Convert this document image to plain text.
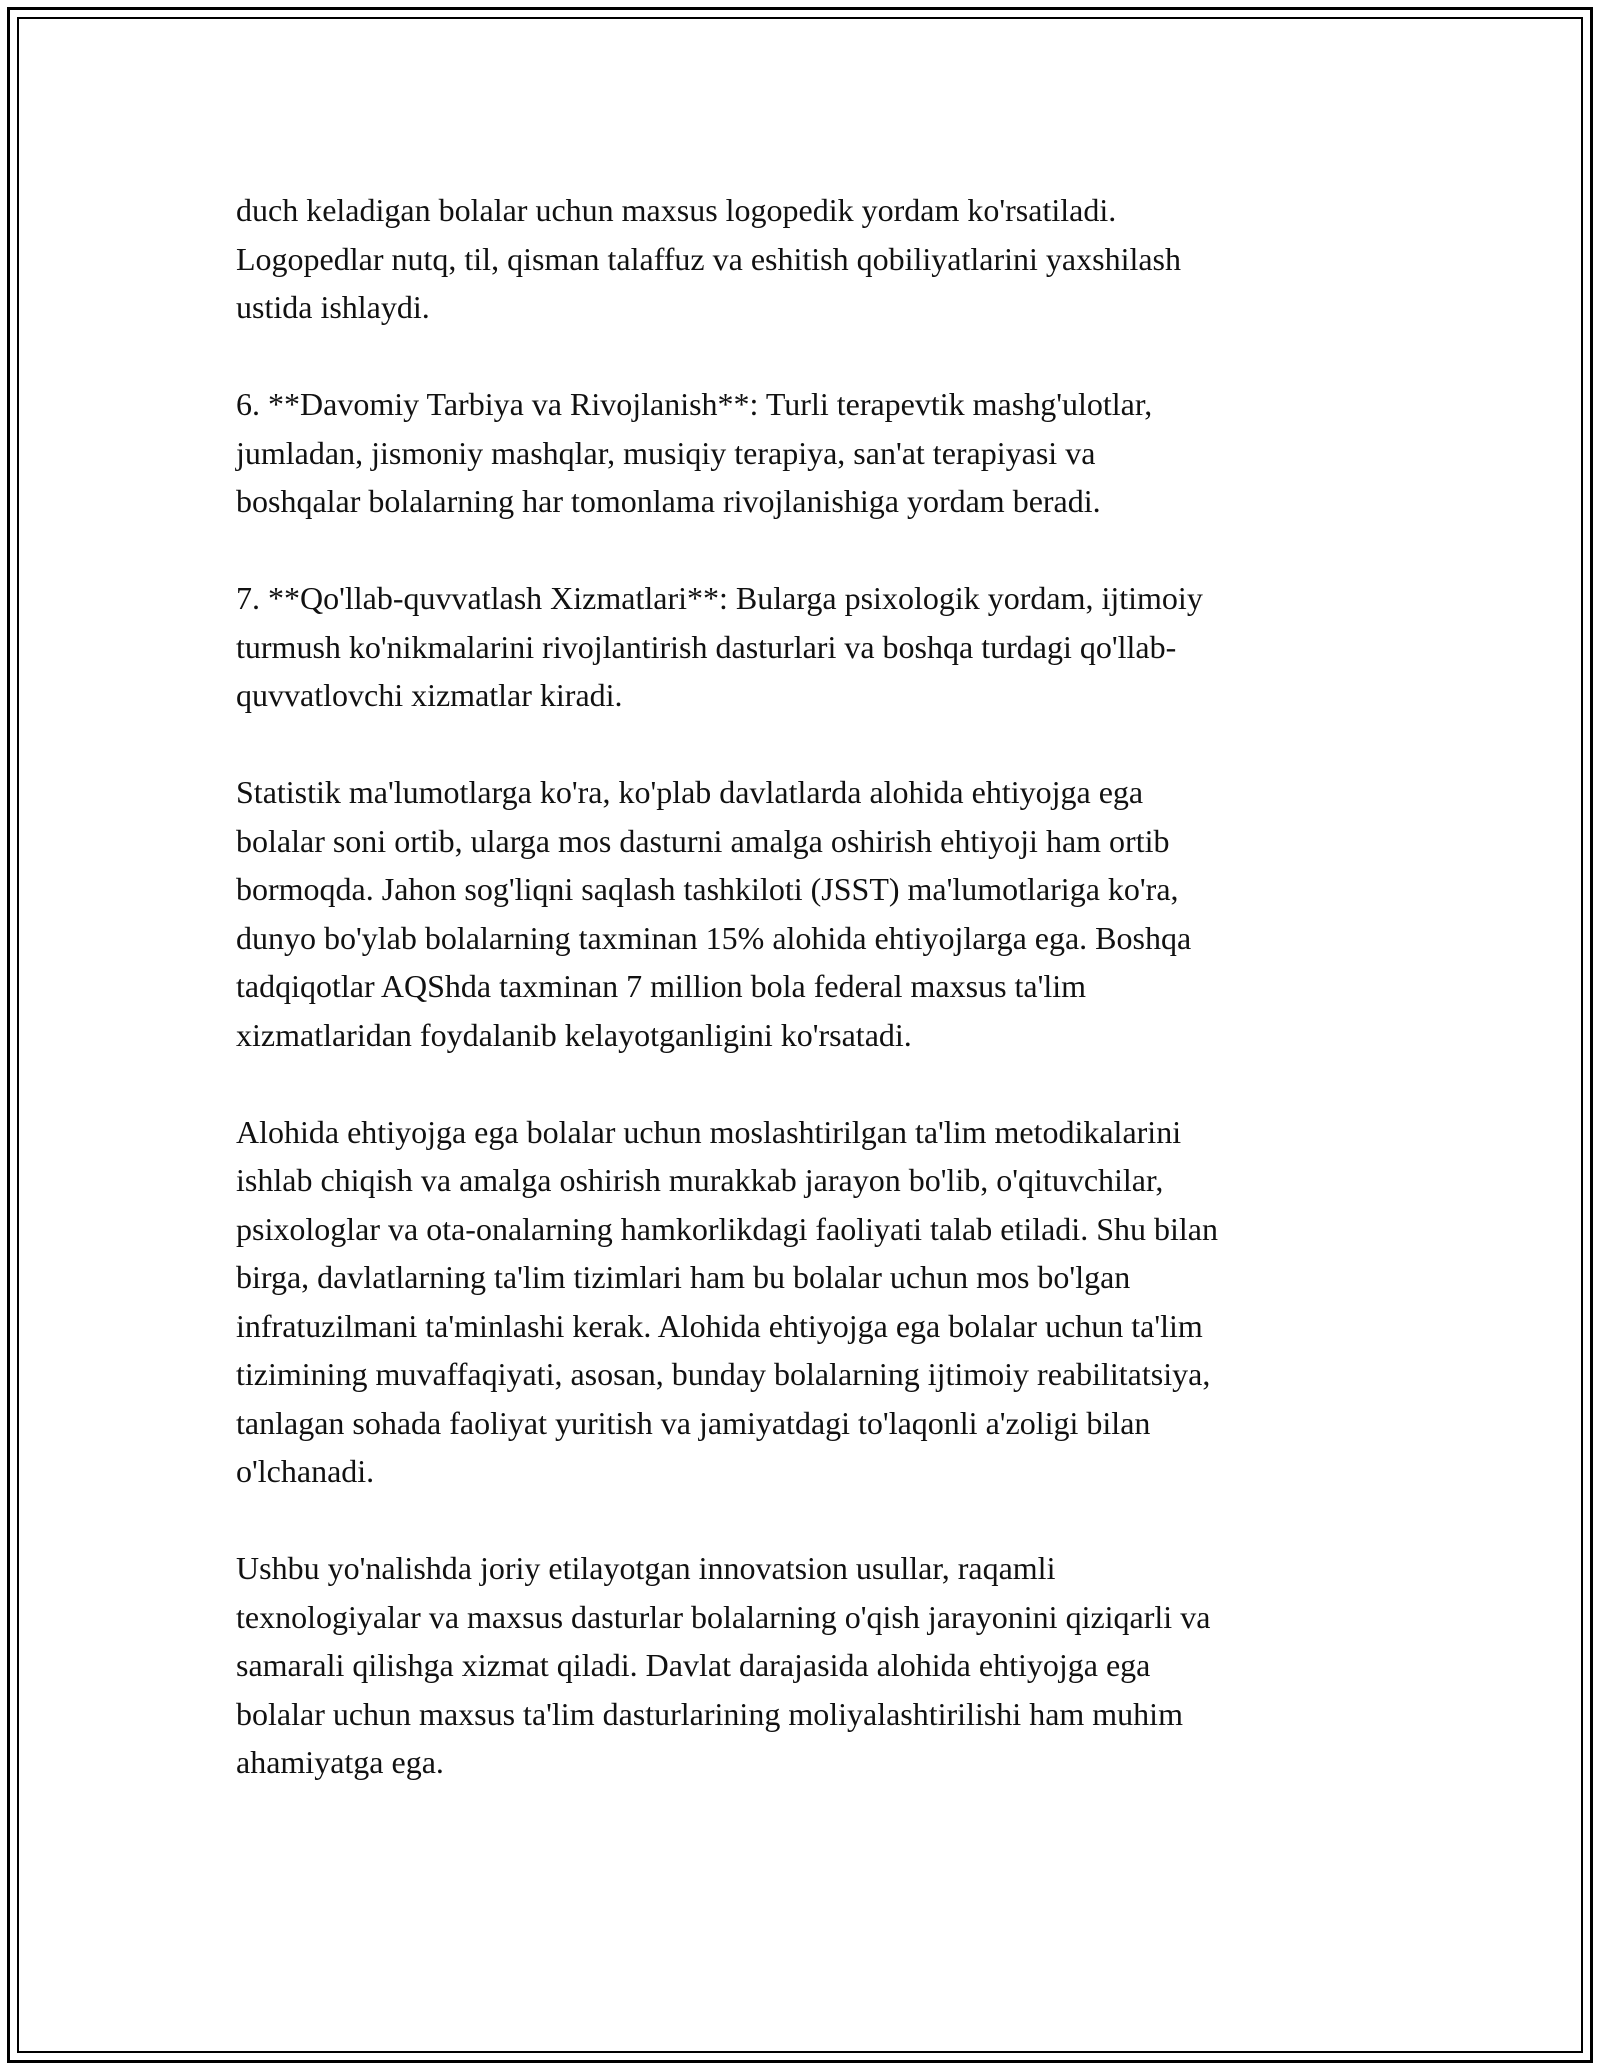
duch keladigan bolalar uchun maxsus logopedik yordam ko'rsatiladi.
Logopedlar nutq, til, qisman talaffuz va eshitish qobiliyatlarini yaxshilash
ustida ishlaydi.

6. **Davomiy Tarbiya va Rivojlanish**: Turli terapevtik mashg'ulotlar,
jumladan, jismoniy mashqlar, musiqiy terapiya, san'at terapiyasi va
boshqalar bolalarning har tomonlama rivojlanishiga yordam beradi.

7. **Qo'llab-quvvatlash Xizmatlari**: Bularga psixologik yordam, ijtimoiy
turmush ko'nikmalarini rivojlantirish dasturlari va boshqa turdagi qo'llab-
quvvatlovchi xizmatlar kiradi.

Statistik ma'lumotlarga ko'ra, ko'plab davlatlarda alohida ehtiyojga ega
bolalar soni ortib, ularga mos dasturni amalga oshirish ehtiyoji ham ortib
bormoqda. Jahon sog'liqni saqlash tashkiloti (JSST) ma'lumotlariga ko'ra,
dunyo bo'ylab bolalarning taxminan 15% alohida ehtiyojlarga ega. Boshqa
tadqiqotlar AQShda taxminan 7 million bola federal maxsus ta'lim
xizmatlaridan foydalanib kelayotganligini ko'rsatadi.

Alohida ehtiyojga ega bolalar uchun moslashtirilgan ta'lim metodikalarini
ishlab chiqish va amalga oshirish murakkab jarayon bo'lib, o'qituvchilar,
psixologlar va ota-onalarning hamkorlikdagi faoliyati talab etiladi. Shu bilan
birga, davlatlarning ta'lim tizimlari ham bu bolalar uchun mos bo'lgan
infratuzilmani ta'minlashi kerak. Alohida ehtiyojga ega bolalar uchun ta'lim
tizimining muvaffaqiyati, asosan, bunday bolalarning ijtimoiy reabilitatsiya,
tanlagan sohada faoliyat yuritish va jamiyatdagi to'laqonli a'zoligi bilan
o'lchanadi.

Ushbu yo'nalishda joriy etilayotgan innovatsion usullar, raqamli
texnologiyalar va maxsus dasturlar bolalarning o'qish jarayonini qiziqarli va
samarali qilishga xizmat qiladi. Davlat darajasida alohida ehtiyojga ega
bolalar uchun maxsus ta'lim dasturlarining moliyalashtirilishi ham muhim
ahamiyatga ega.
